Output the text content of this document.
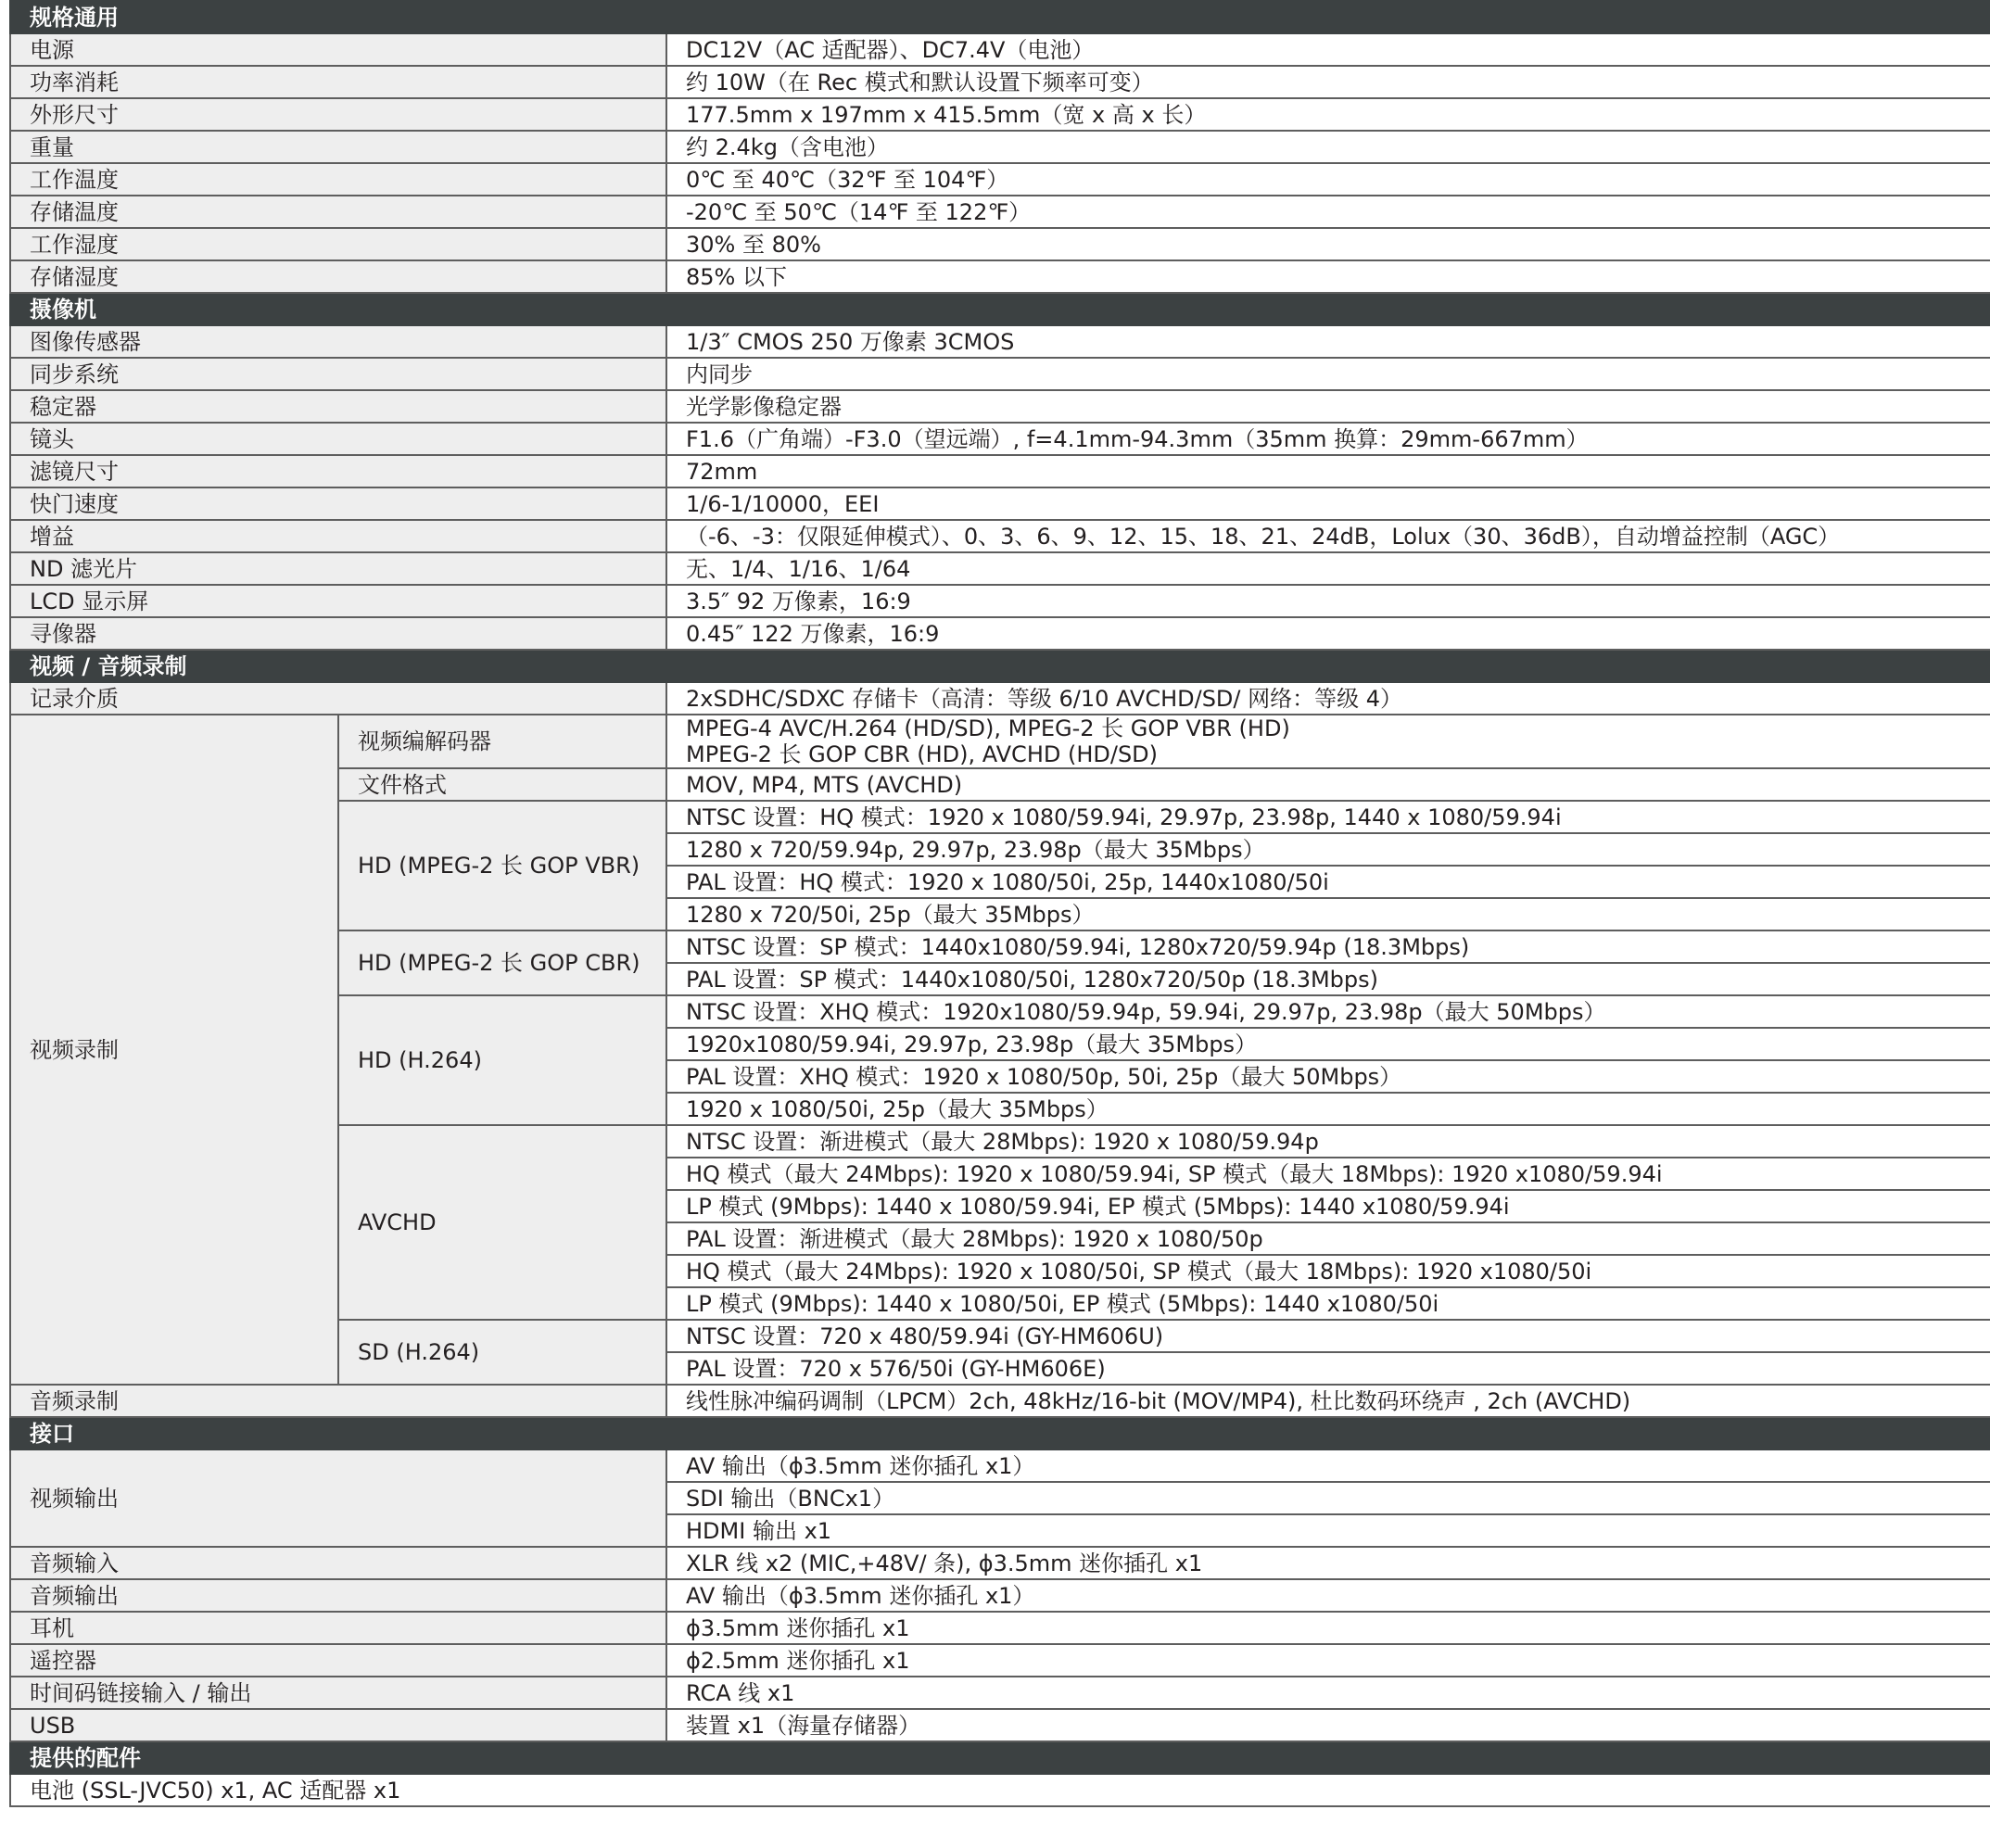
规格通用		
电源		DC12V（AC 适配器）、DC7.4V（电池）
功率消耗		约 10W（在 Rec 模式和默认设置下频率可变）
外形尺寸		177.5mm x 197mm x 415.5mm（宽 x 高 x 长）
重量		约 2.4kg（含电池）
工作温度		0℃ 至 40℃（32℉ 至 104℉）
存储温度		-20℃ 至 50℃（14℉ 至 122℉）
工作湿度		30% 至 80%
存储湿度		85% 以下
摄像机		
图像传感器		1/3″ CMOS 250 万像素 3CMOS
同步系统		内同步
稳定器		光学影像稳定器
镜头		F1.6（广角端）-F3.0（望远端）, f=4.1mm-94.3mm（35mm 换算：29mm-667mm）
滤镜尺寸		72mm
快门速度		1/6-1/10000，EEI
增益		（-6、-3：仅限延伸模式）、0、3、6、9、12、15、18、21、24dB，Lolux（30、36dB），自动增益控制（AGC）
ND 滤光片		无、1/4、1/16、1/64
LCD 显示屏		3.5″ 92 万像素，16:9
寻像器		0.45″ 122 万像素，16:9
视频 / 音频录制		
记录介质		2xSDHC/SDXC 存储卡（高清：等级 6/10 AVCHD/SD/ 网络：等级 4）
视频录制	视频编解码器	MPEG-4 AVC/H.264 (HD/SD), MPEG-2 长 GOP VBR (HD)
MPEG-2 长 GOP CBR (HD), AVCHD (HD/SD)

	文件格式	MOV, MP4, MTS (AVCHD)
	HD (MPEG-2 长 GOP VBR)	NTSC 设置：HQ 模式：1920 x 1080/59.94i, 29.97p, 23.98p, 1440 x 1080/59.94i
		1280 x 720/59.94p, 29.97p, 23.98p（最大 35Mbps）
		PAL 设置：HQ 模式：1920 x 1080/50i, 25p, 1440x1080/50i
		1280 x 720/50i, 25p（最大 35Mbps）
	HD (MPEG-2 长 GOP CBR)	NTSC 设置：SP 模式：1440x1080/59.94i, 1280x720/59.94p (18.3Mbps)
		PAL 设置：SP 模式：1440x1080/50i, 1280x720/50p (18.3Mbps)
	HD (H.264)	NTSC 设置：XHQ 模式：1920x1080/59.94p, 59.94i, 29.97p, 23.98p（最大 50Mbps）
		1920x1080/59.94i, 29.97p, 23.98p（最大 35Mbps）
		PAL 设置：XHQ 模式：1920 x 1080/50p, 50i, 25p（最大 50Mbps）
		1920 x 1080/50i, 25p（最大 35Mbps）
	AVCHD	NTSC 设置：渐进模式（最大 28Mbps): 1920 x 1080/59.94p
		HQ 模式（最大 24Mbps): 1920 x 1080/59.94i, SP 模式（最大 18Mbps): 1920 x1080/59.94i
		LP 模式 (9Mbps): 1440 x 1080/59.94i, EP 模式 (5Mbps): 1440 x1080/59.94i
		PAL 设置：渐进模式（最大 28Mbps): 1920 x 1080/50p
		HQ 模式（最大 24Mbps): 1920 x 1080/50i, SP 模式（最大 18Mbps): 1920 x1080/50i
		LP 模式 (9Mbps): 1440 x 1080/50i, EP 模式 (5Mbps): 1440 x1080/50i
	SD (H.264)	NTSC 设置：720 x 480/59.94i (GY-HM606U)
		PAL 设置：720 x 576/50i (GY-HM606E)
音频录制		线性脉冲编码调制（LPCM）2ch, 48kHz/16-bit (MOV/MP4), 杜比数码环绕声 , 2ch (AVCHD)
接口		
视频输出		AV 输出（ϕ3.5mm 迷你插孔 x1）
		SDI 输出（BNCx1）
		HDMI 输出 x1
音频输入		XLR 线 x2 (MIC,+48V/ 条), ϕ3.5mm 迷你插孔 x1
音频输出		AV 输出（ϕ3.5mm 迷你插孔 x1）
耳机		ϕ3.5mm 迷你插孔 x1
遥控器		ϕ2.5mm 迷你插孔 x1
时间码链接输入 / 输出		RCA 线 x1
USB		装置 x1（海量存储器）
提供的配件		
电池 (SSL-JVC50) x1, AC 适配器 x1		
